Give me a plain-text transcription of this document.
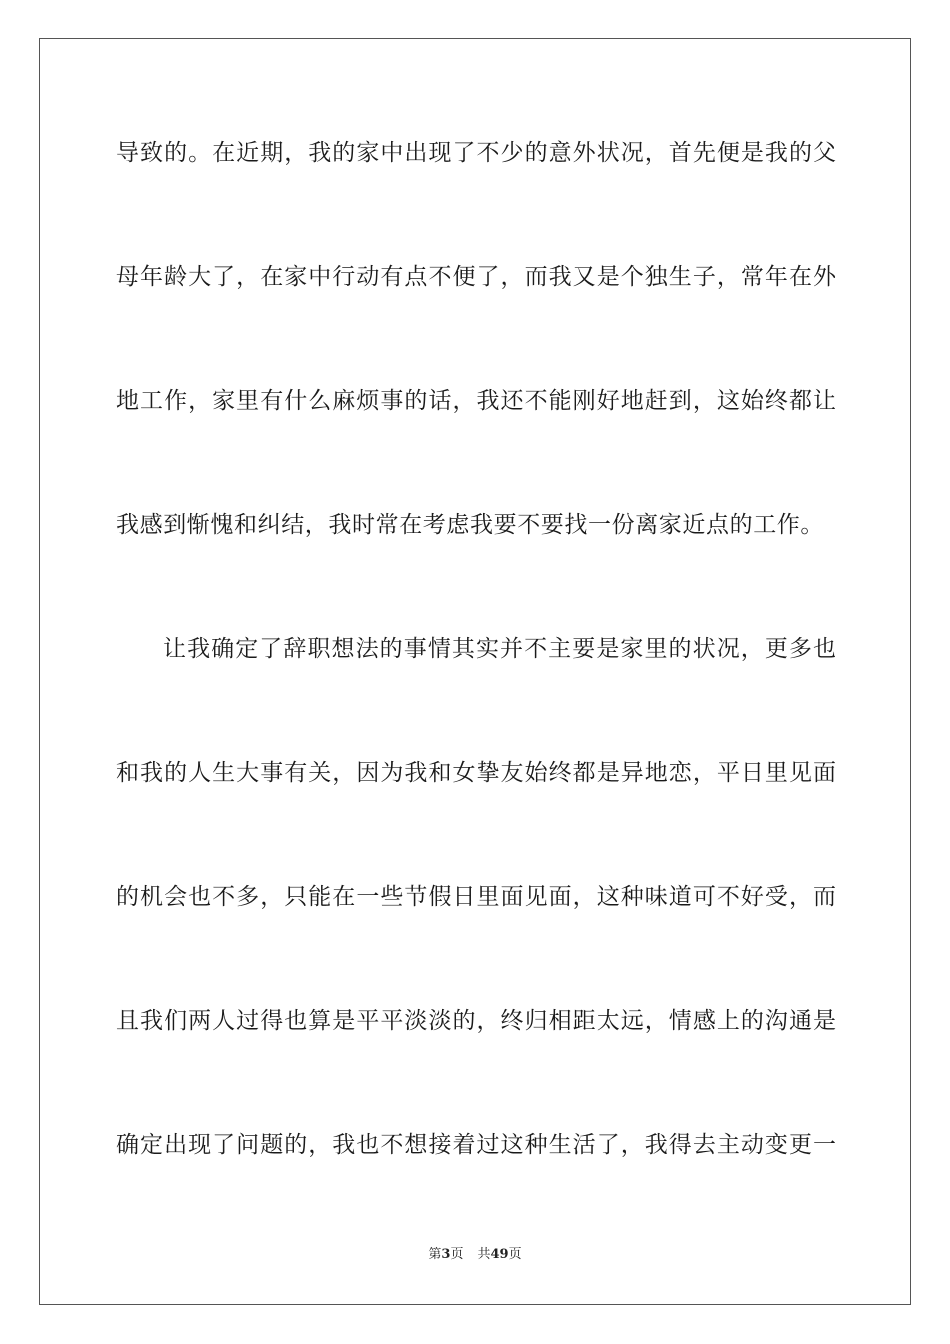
导致的。在近期，我的家中出现了不少的意外状况，首先便是我的父
母年龄大了，在家中行动有点不便了，而我又是个独生子，常年在外
地工作，家里有什么麻烦事的话，我还不能刚好地赶到，这始终都让
我感到惭愧和纠结，我时常在考虑我要不要找一份离家近点的工作。
让我确定了辞职想法的事情其实并不主要是家里的状况，更多也
和我的人生大事有关，因为我和女挚友始终都是异地恋，平日里见面
的机会也不多，只能在一些节假日里面见面，这种味道可不好受，而
且我们两人过得也算是平平淡淡的，终归相距太远，情感上的沟通是
确定出现了问题的，我也不想接着过这种生活了，我得去主动变更一
第3页 共49页
